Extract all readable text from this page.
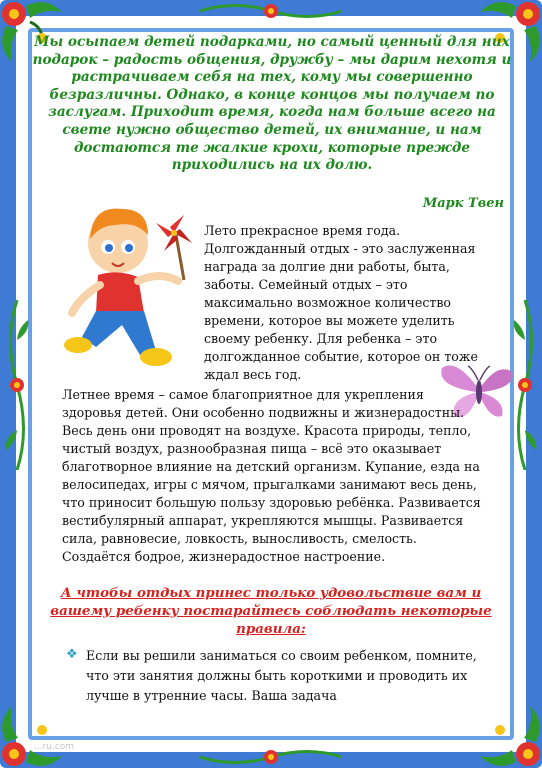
Мы осыпаем детей подарками, но самый ценный для них подарок – радость общения, дружбу – мы дарим нехотя и растрачиваем себя на тех, кому мы совершенно безразличны. Однако, в конце концов мы получаем по заслугам. Приходит время, когда нам больше всего на свете нужно общество детей, их внимание, и нам достаются те жалкие крохи, которые прежде приходились на их долю.
Марк Твен
Лето прекрасное время года. Долгожданный отдых - это заслуженная награда за долгие дни работы, быта, заботы. Семейный отдых – это максимально возможное количество времени, которое вы можете уделить своему ребенку. Для ребенка – это долгожданное событие, которое он тоже ждал весь год.
Летнее время – самое благоприятное для укрепления здоровья детей. Они особенно подвижны и жизнерадостны. Весь день они проводят на воздухе. Красота природы, тепло, чистый воздух, разнообразная пища – всё это оказывает благотворное влияние на детский организм. Купание, езда на велосипедах, игры с мячом, прыгалками занимают весь день, что приносит большую пользу здоровью ребёнка. Развивается вестибулярный аппарат, укрепляются мышцы. Развивается сила, равновесие, ловкость, выносливость, смелость. Создаётся бодрое, жизнерадостное настроение.
А чтобы отдых принес только удовольствие вам и вашему ребенку постарайтесь соблюдать некоторые правила:
❖ Если вы решили заниматься со своим ребенком, помните, что эти занятия должны быть короткими и проводить их лучше в утренние часы. Ваша задача
...ru.com
